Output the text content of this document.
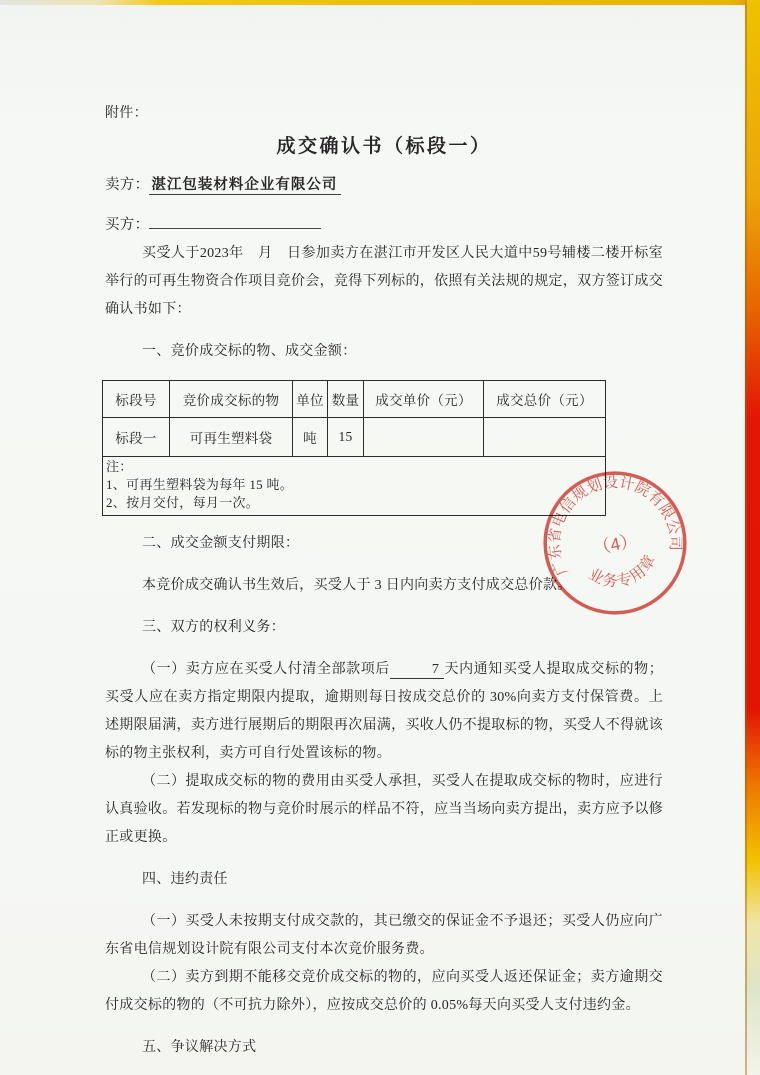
附件：
成交确认书（标段一）
卖方： 湛江包装材料企业有限公司
买方：

买受人于2023年　月　日参加卖方在湛江市开发区人民大道中59号辅楼二楼开标室举行的可再生物资合作项目竞价会，竞得下列标的，依照有关法规的规定，双方签订成交确认书如下：

一、竞价成交标的物、成交金额：

标段号	竞价成交标的物	单位	数量	成交单价（元）	成交总价（元）
标段一	可再生塑料袋	吨	15		

注：
1、可再生塑料袋为每年 15 吨。
2、按月交付，每月一次。					

二、成交金额支付期限：

本竞价成交确认书生效后，买受人于 3 日内向卖方支付成交总价款。

三、双方的权利义务：

（一）卖方应在买受人付清全部款项后	7 天内通知买受人提取成交标的物；买受人应在卖方指定期限内提取，逾期则每日按成交总价的 30%向卖方支付保管费。上述期限届满，卖方进行展期后的期限再次届满，买收人仍不提取标的物，买受人不得就该标的物主张权利，卖方可自行处置该标的物。

（二）提取成交标的物的费用由买受人承担，买受人在提取成交标的物时，应进行认真验收。若发现标的物与竞价时展示的样品不符，应当当场向卖方提出，卖方应予以修正或更换。

四、违约责任

（一）买受人未按期支付成交款的，其已缴交的保证金不予退还；买受人仍应向广东省电信规划设计院有限公司支付本次竞价服务费。

（二）卖方到期不能移交竞价成交标的物的，应向买受人返还保证金；卖方逾期交付成交标的物的（不可抗力除外），应按成交总价的 0.05%每天向买受人支付违约金。

五、争议解决方式

广东省电信规划设计院有限公司
（4）
业务专用章
